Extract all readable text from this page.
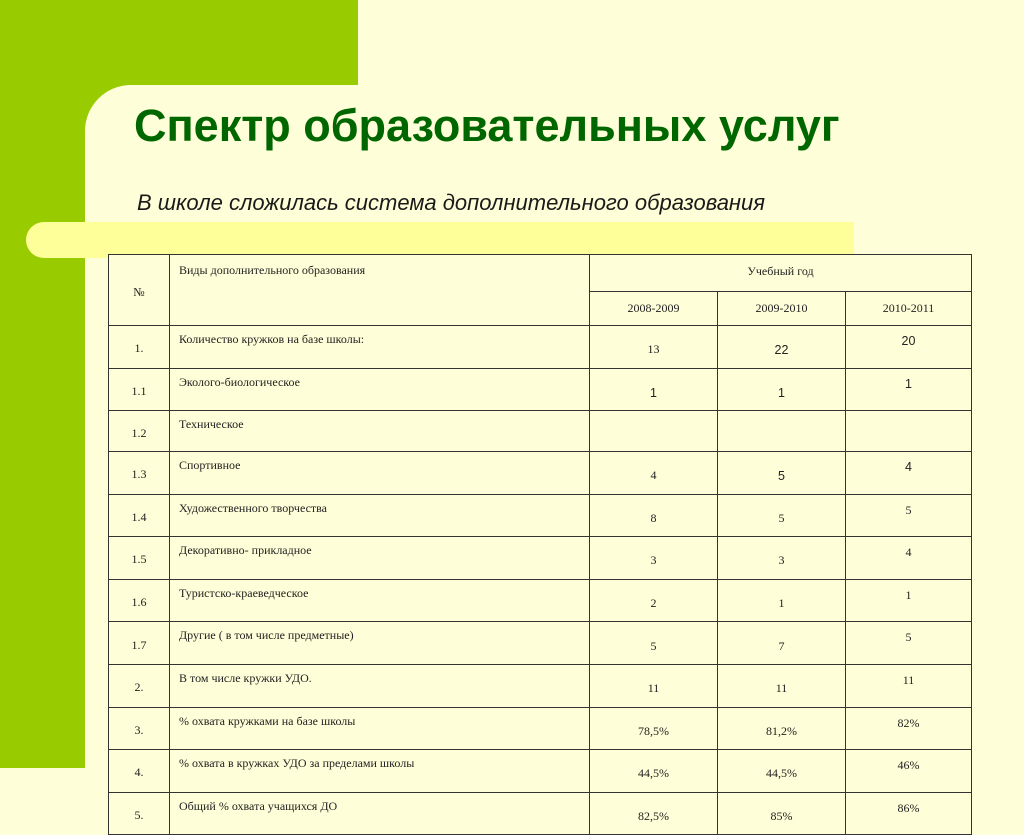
Спектр образовательных услуг

В школе сложилась система дополнительного образования

№	Виды дополнительного образования	Учебный год		
		2008-2009	2009-2010	2010-2011
1.	Количество кружков на базе школы:	13	22	20
1.1	Эколого-биологическое	1	1	1
1.2	Техническое			
1.3	Спортивное	4	5	4
1.4	Художественного творчества	8	5	5
1.5	Декоративно- прикладное	3	3	4
1.6	Туристско-краеведческое	2	1	1
1.7	Другие ( в том числе предметные)	5	7	5
2.	В том числе кружки УДО.	11	11	11
3.	% охвата кружками на базе школы	78,5%	81,2%	82%
4.	% охвата в кружках УДО за пределами школы	44,5%	44,5%	46%
5.	Общий % охвата учащихся ДО	82,5%	85%	86%
